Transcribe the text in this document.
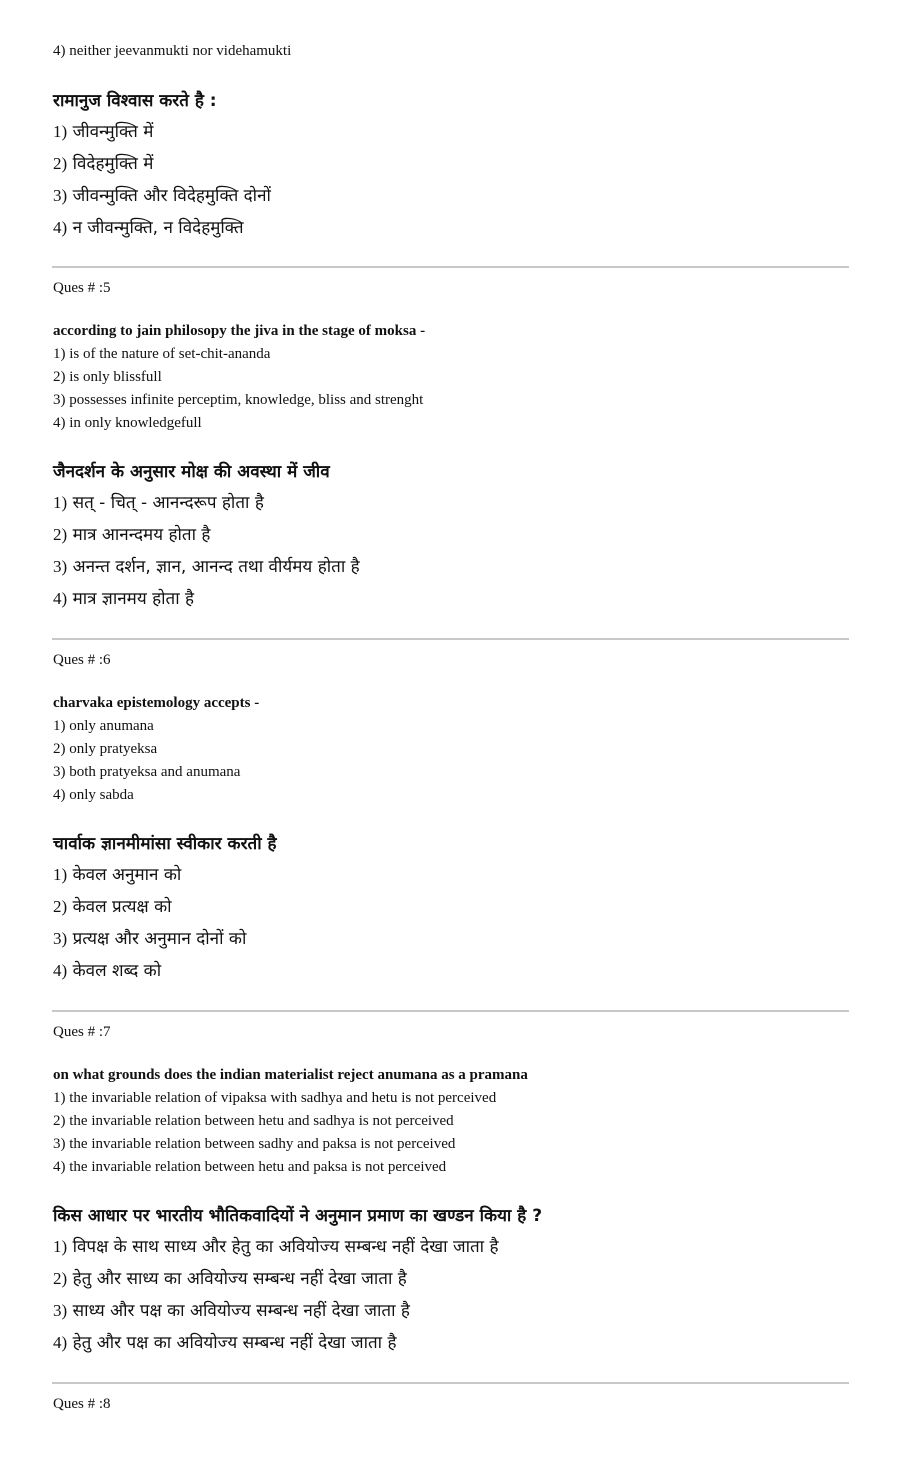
4) neither jeevanmukti nor videhamukti

रामानुज विश्वास करते है :

1) जीवन्मुक्ति में

2) विदेहमुक्ति में

3) जीवन्मुक्ति और विदेहमुक्ति दोनों

4) न जीवन्मुक्ति, न विदेहमुक्ति

Ques # :5

according to jain philosopy the jiva in the stage of moksa -

1) is of the nature of set-chit-ananda

2) is only blissfull

3) possesses infinite perceptim, knowledge, bliss and strenght

4) in only knowledgefull

जैनदर्शन के अनुसार मोक्ष की अवस्था में जीव

1) सत् - चित् - आनन्दरूप होता है

2) मात्र आनन्दमय होता है

3) अनन्त दर्शन, ज्ञान, आनन्द तथा वीर्यमय होता है

4) मात्र ज्ञानमय होता है

Ques # :6

charvaka epistemology accepts -

1) only anumana

2) only pratyeksa

3) both pratyeksa and anumana

4) only sabda

चार्वाक ज्ञानमीमांसा स्वीकार करती है

1) केवल अनुमान को

2) केवल प्रत्यक्ष को

3) प्रत्यक्ष और अनुमान दोनों को

4) केवल शब्द को

Ques # :7

on what grounds does the indian materialist reject anumana as a pramana

1) the invariable relation of vipaksa with sadhya and hetu is not perceived

2) the invariable relation between hetu and sadhya is not perceived

3) the invariable relation between sadhy and paksa is not perceived

4) the invariable relation between hetu and paksa is not perceived

किस आधार पर भारतीय भौतिकवादियों ने अनुमान प्रमाण का खण्डन किया है ?

1) विपक्ष के साथ साध्य और हेतु का अवियोज्य सम्बन्ध नहीं देखा जाता है

2) हेतु और साध्य का अवियोज्य सम्बन्ध नहीं देखा जाता है

3) साध्य और पक्ष का अवियोज्य सम्बन्ध नहीं देखा जाता है

4) हेतु और पक्ष का अवियोज्य सम्बन्ध नहीं देखा जाता है

Ques # :8
